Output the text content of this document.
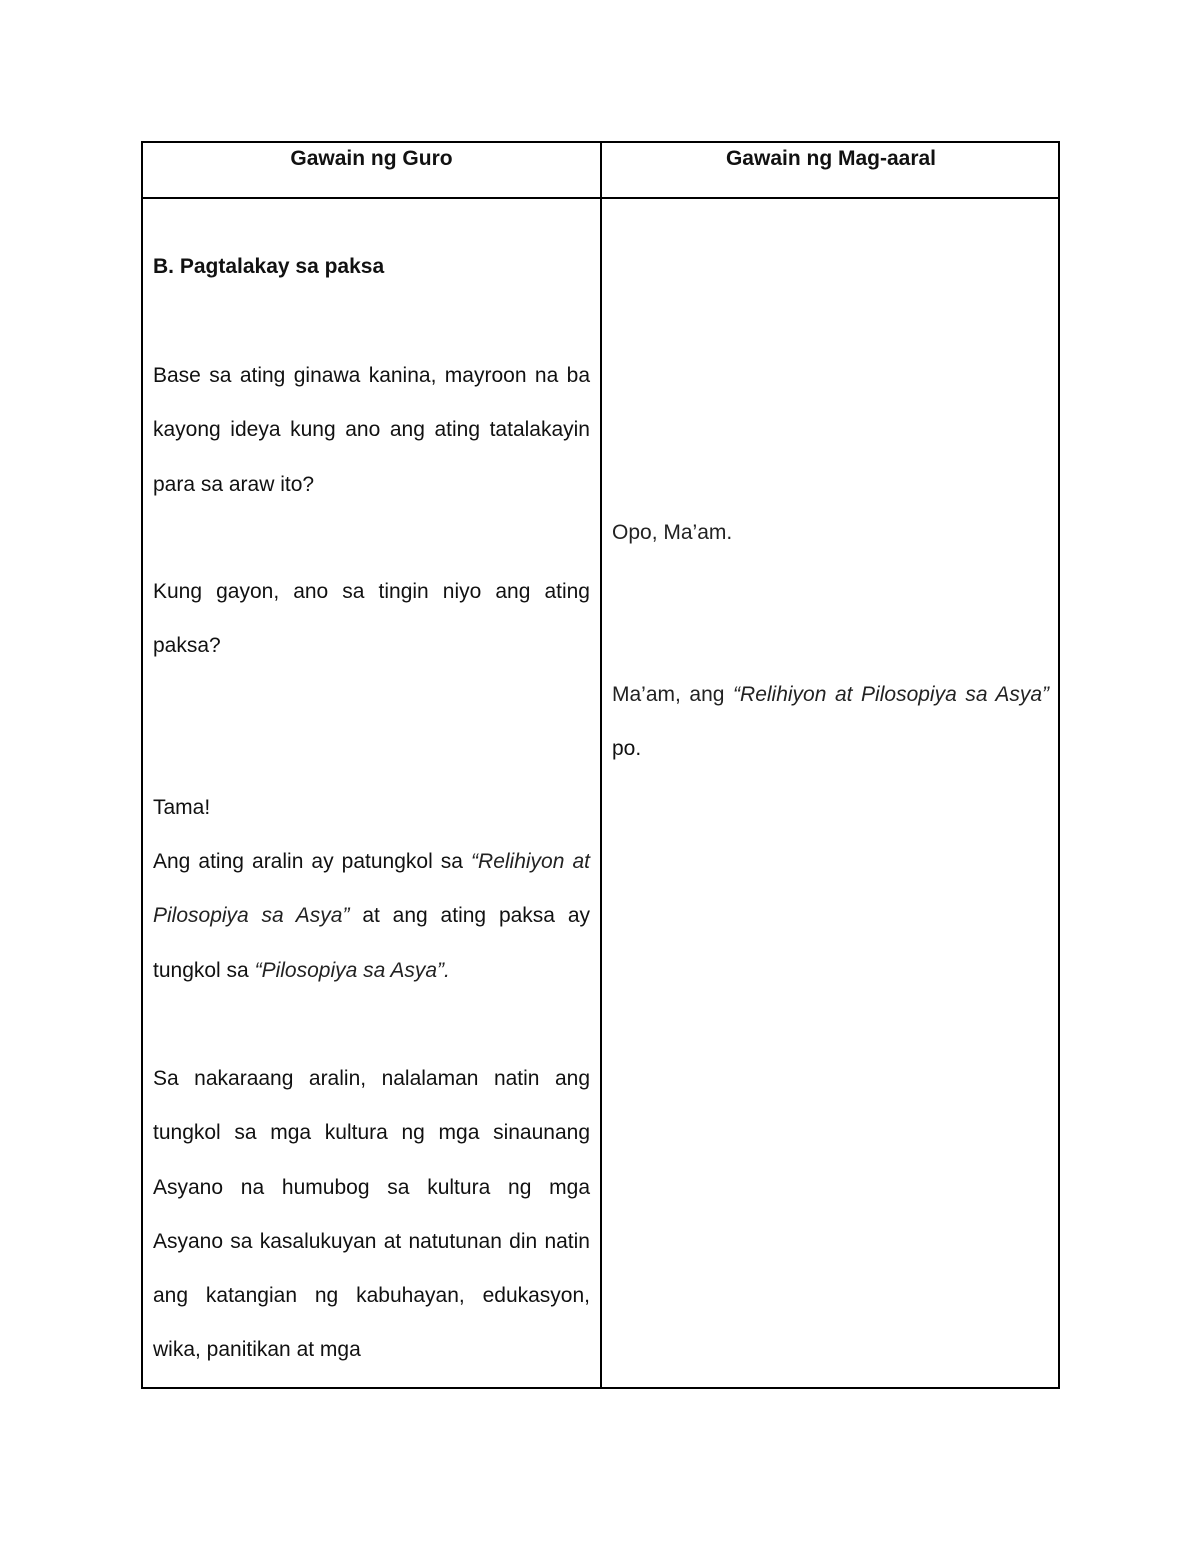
Gawain ng Guro	Gawain ng Mag-aaral

B. Pagtalakay sa paksa

Base sa ating ginawa kanina, mayroon na ba kayong ideya kung ano ang ating tatalakayin para sa araw ito?

Kung gayon, ano sa tingin niyo ang ating paksa?

Tama!

Ang ating aralin ay patungkol sa “Relihiyon at Pilosopiya sa Asya” at ang ating paksa ay tungkol sa “Pilosopiya sa Asya”.

Sa nakaraang aralin, nalalaman natin ang tungkol sa mga kultura ng mga sinaunang Asyano na humubog sa kultura ng mga Asyano sa kasalukuyan at natutunan din natin ang katangian ng kabuhayan, edukasyon, wika, panitikan at mga

Opo, Ma’am.

Ma’am, ang “Relihiyon at Pilosopiya sa Asya” po.
